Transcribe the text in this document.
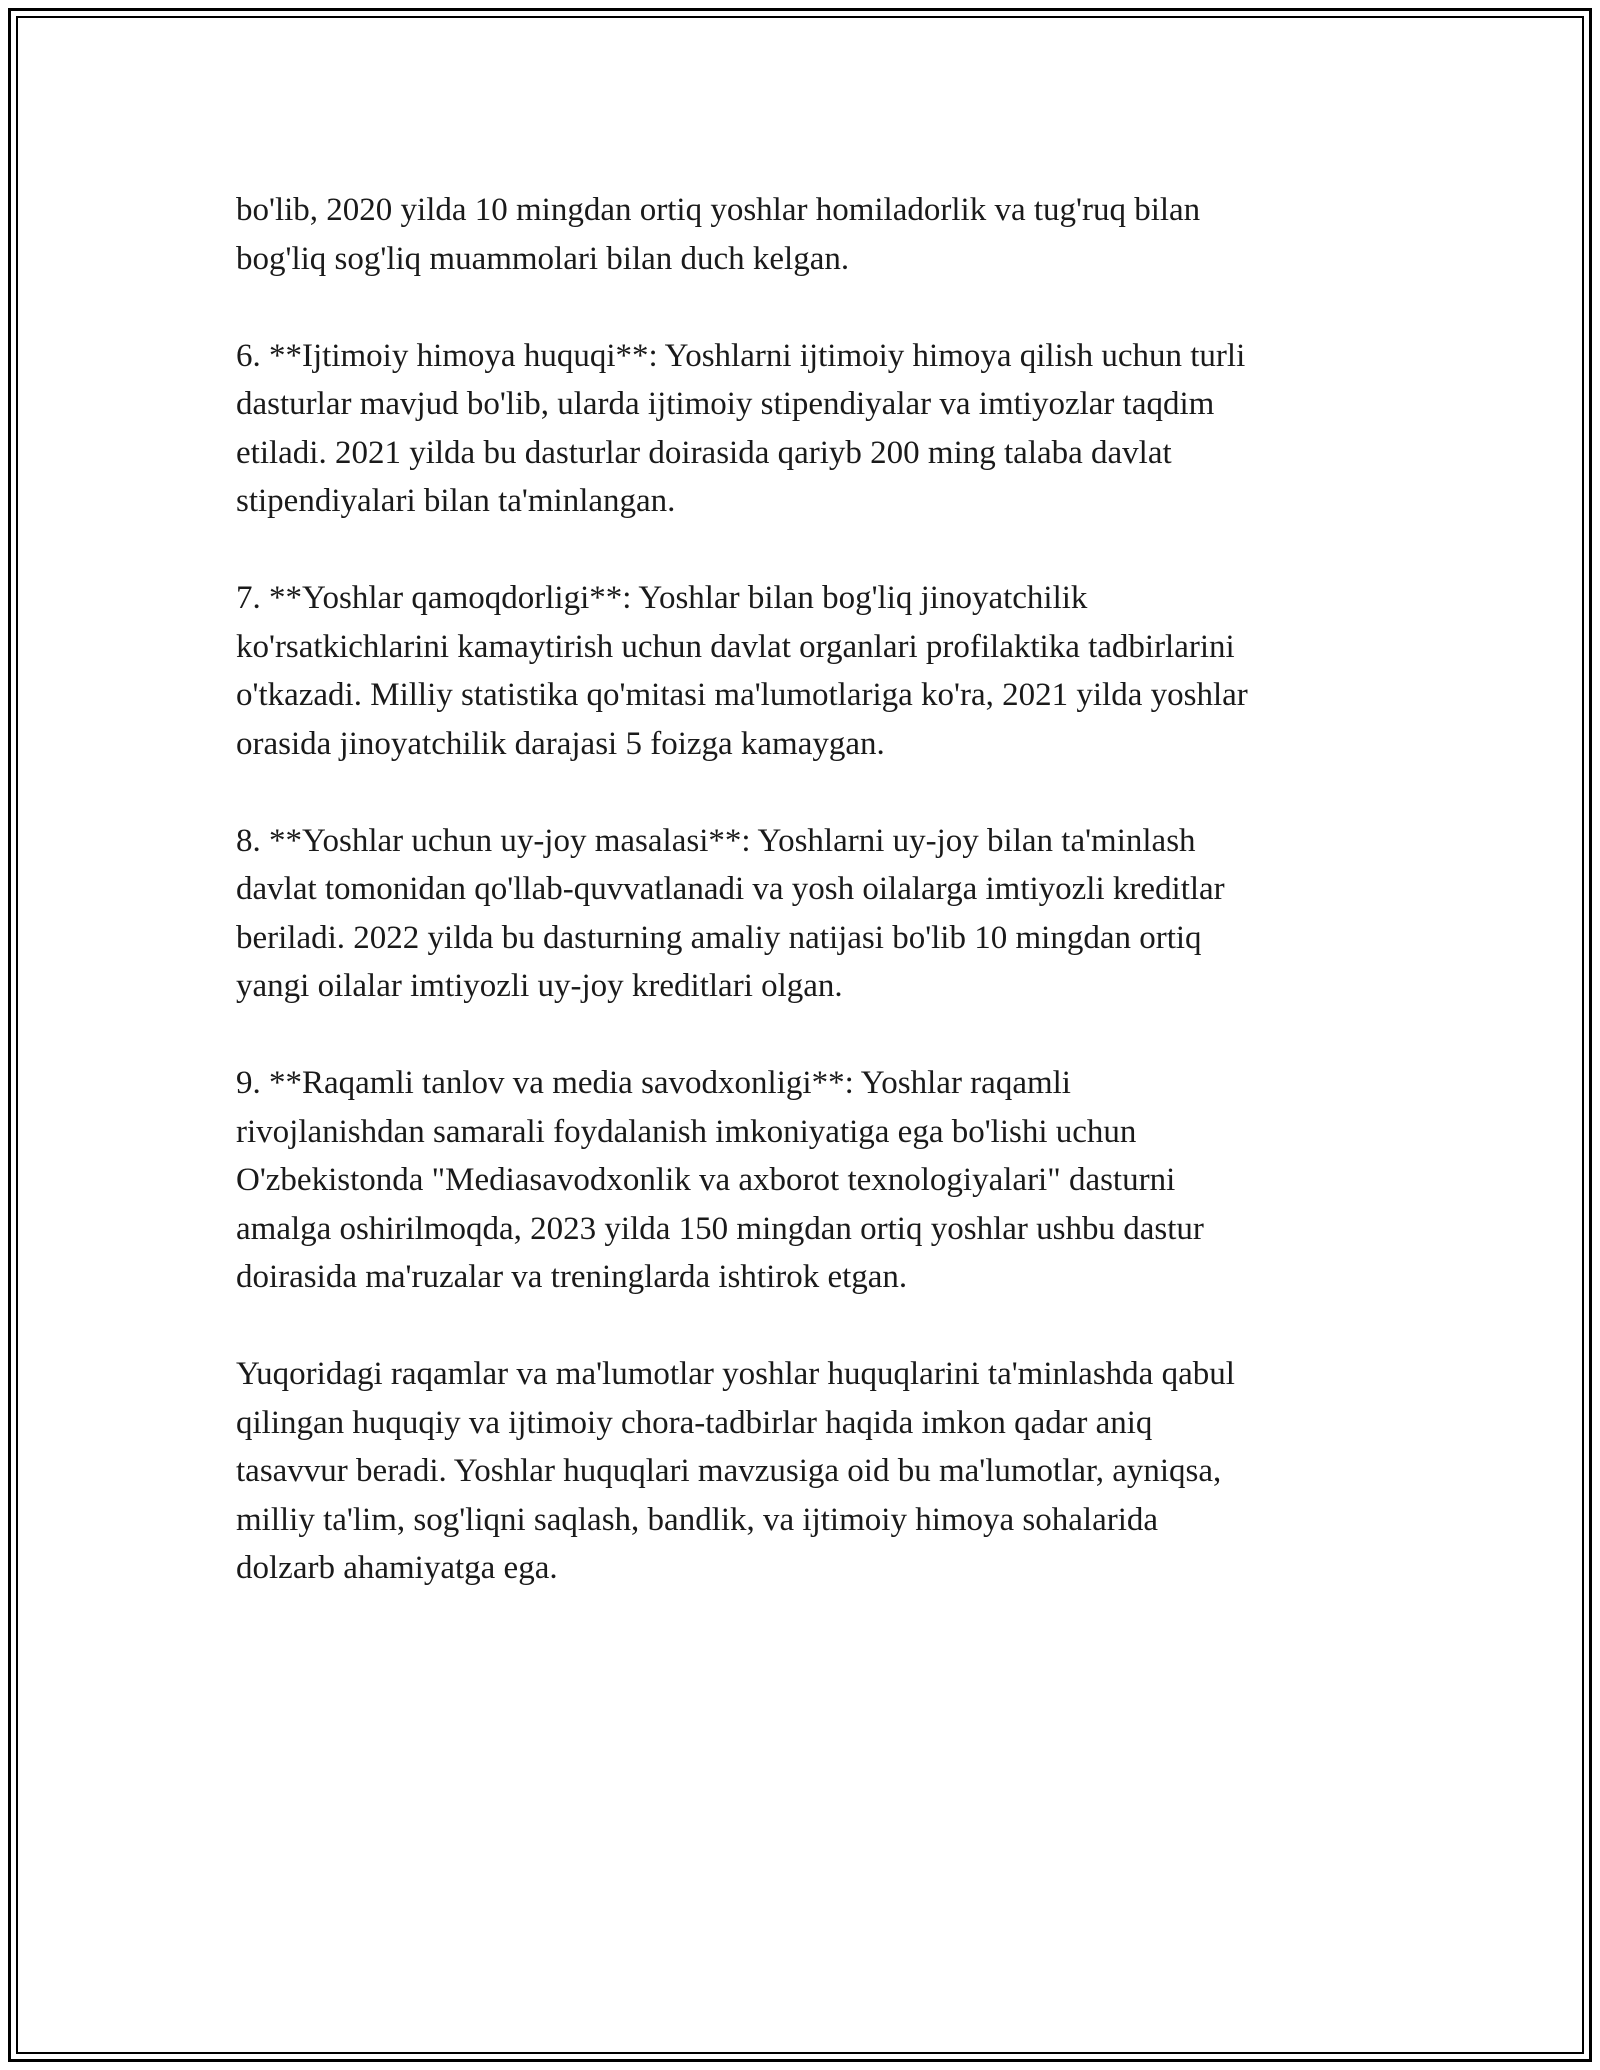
bo'lib, 2020 yilda 10 mingdan ortiq yoshlar homiladorlik va tug'ruq bilan
bog'liq sog'liq muammolari bilan duch kelgan.

6. **Ijtimoiy himoya huquqi**: Yoshlarni ijtimoiy himoya qilish uchun turli
dasturlar mavjud bo'lib, ularda ijtimoiy stipendiyalar va imtiyozlar taqdim
etiladi. 2021 yilda bu dasturlar doirasida qariyb 200 ming talaba davlat
stipendiyalari bilan ta'minlangan.

7. **Yoshlar qamoqdorligi**: Yoshlar bilan bog'liq jinoyatchilik
ko'rsatkichlarini kamaytirish uchun davlat organlari profilaktika tadbirlarini
o'tkazadi. Milliy statistika qo'mitasi ma'lumotlariga ko'ra, 2021 yilda yoshlar
orasida jinoyatchilik darajasi 5 foizga kamaygan.

8. **Yoshlar uchun uy-joy masalasi**: Yoshlarni uy-joy bilan ta'minlash
davlat tomonidan qo'llab-quvvatlanadi va yosh oilalarga imtiyozli kreditlar
beriladi. 2022 yilda bu dasturning amaliy natijasi bo'lib 10 mingdan ortiq
yangi oilalar imtiyozli uy-joy kreditlari olgan.

9. **Raqamli tanlov va media savodxonligi**: Yoshlar raqamli
rivojlanishdan samarali foydalanish imkoniyatiga ega bo'lishi uchun
O'zbekistonda "Mediasavodxonlik va axborot texnologiyalari" dasturni
amalga oshirilmoqda, 2023 yilda 150 mingdan ortiq yoshlar ushbu dastur
doirasida ma'ruzalar va treninglarda ishtirok etgan.

Yuqoridagi raqamlar va ma'lumotlar yoshlar huquqlarini ta'minlashda qabul
qilingan huquqiy va ijtimoiy chora-tadbirlar haqida imkon qadar aniq
tasavvur beradi. Yoshlar huquqlari mavzusiga oid bu ma'lumotlar, ayniqsa,
milliy ta'lim, sog'liqni saqlash, bandlik, va ijtimoiy himoya sohalarida
dolzarb ahamiyatga ega.
